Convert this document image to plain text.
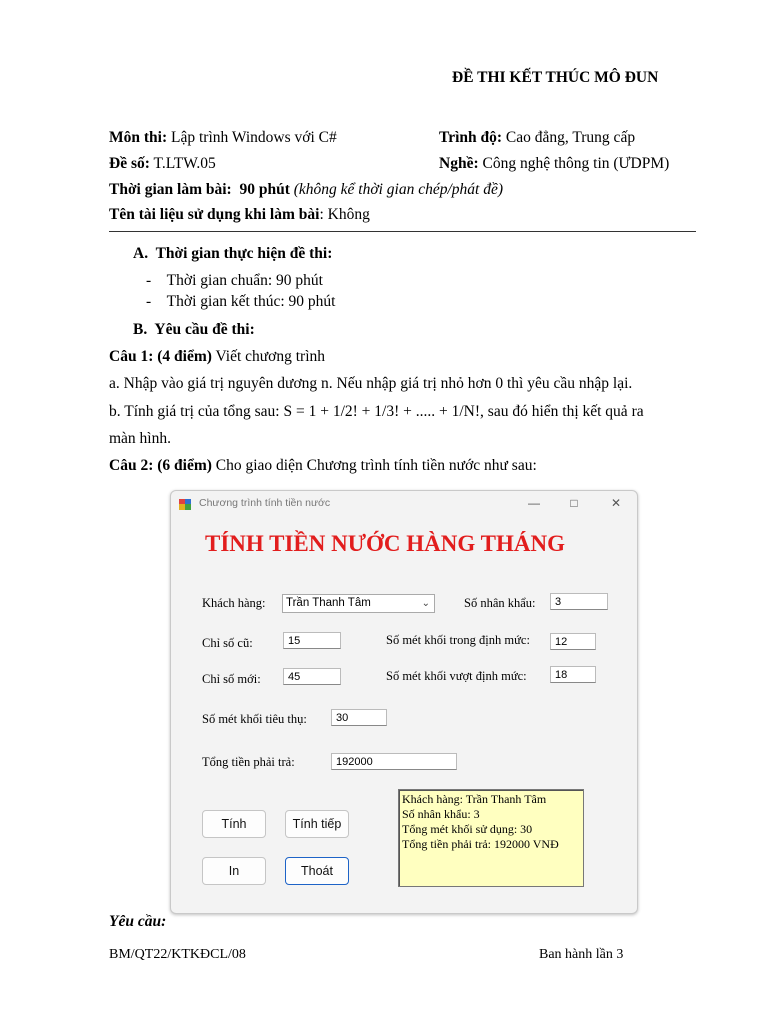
ĐỀ THI KẾT THÚC MÔ ĐUN
Môn thi: Lập trình Windows với C#	Trình độ: Cao đẳng, Trung cấp
Đề số: T.LTW.05	Nghề: Công nghệ thông tin (ƯDPM)
Thời gian làm bài: 90 phút (không kể thời gian chép/phát đề)
Tên tài liệu sử dụng khi làm bài: Không
A. Thời gian thực hiện đề thi:
-    Thời gian chuẩn: 90 phút
-    Thời gian kết thúc: 90 phút
B. Yêu cầu đề thi:
Câu 1: (4 điểm) Viết chương trình
a. Nhập vào giá trị nguyên dương n. Nếu nhập giá trị nhỏ hơn 0 thì yêu cầu nhập lại.
b. Tính giá trị của tổng sau: S = 1 + 1/2! + 1/3! + ..... + 1/N!, sau đó hiển thị kết quả ra
màn hình.
Câu 2: (6 điểm) Cho giao diện Chương trình tính tiền nước như sau:
Chương trình tính tiền nước	—	□	✕
TÍNH TIỀN NƯỚC HÀNG THÁNG
Khách hàng:	Trần Thanh Tâm	⌄	Số nhân khẩu:	3
Chỉ số cũ:	15	Số mét khối trong định mức:	12
Chỉ số mới:	45	Số mét khối vượt định mức:	18
Số mét khối tiêu thụ:	30
Tổng tiền phải trả:	192000
Tính	Tính tiếp
In	Thoát
Khách hàng: Trần Thanh Tâm
Số nhân khẩu: 3
Tổng mét khối sử dụng: 30
Tổng tiền phải trả: 192000 VNĐ
Yêu cầu:
BM/QT22/KTKĐCL/08	Ban hành lần 3
